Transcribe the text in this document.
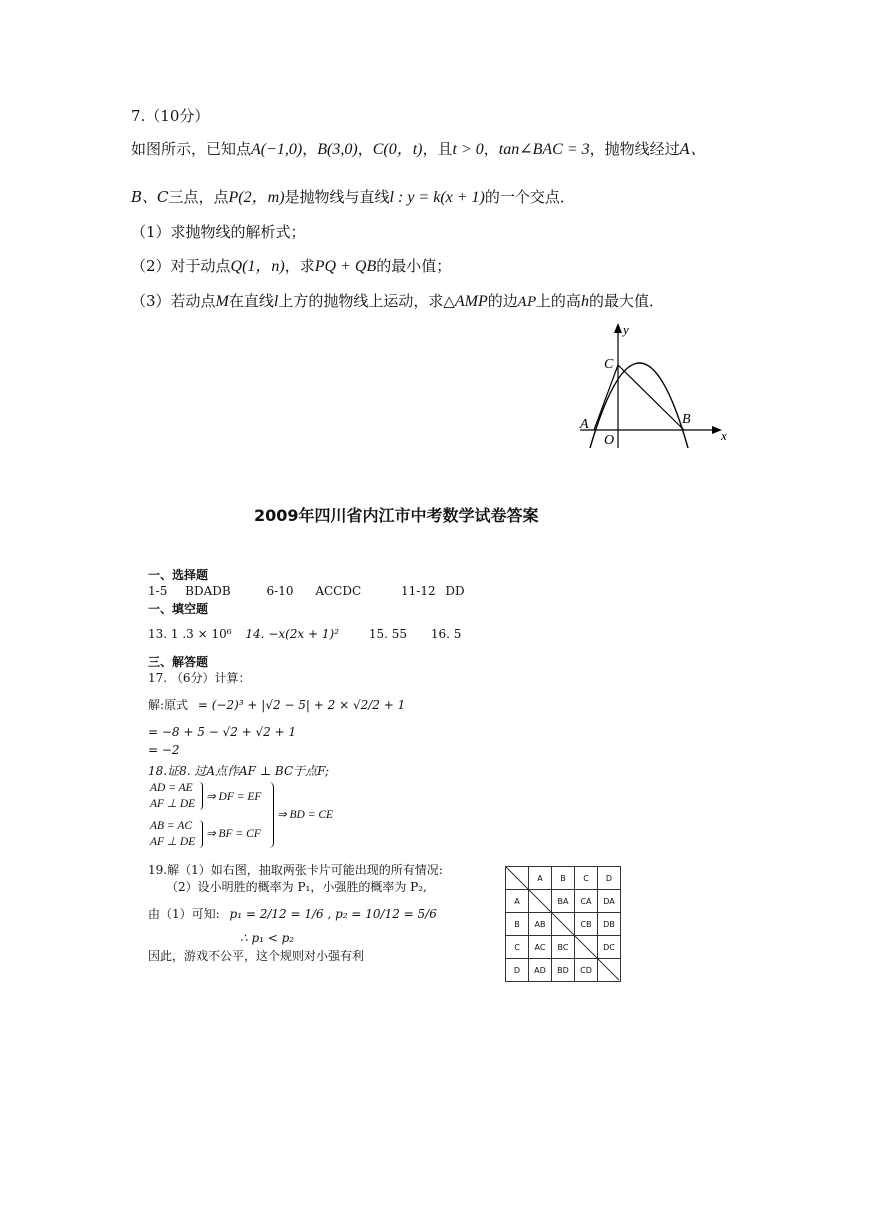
7.（10分）
如图所示，已知点A(−1,0)，B(3,0)，C(0，t)，且t > 0，tan∠BAC = 3，抛物线经过A、
B、C三点，点P(2，m)是抛物线与直线l : y = k(x + 1)的一个交点．
（1）求抛物线的解析式；
（2）对于动点Q(1，n)，求PQ + QB的最小值；
（3）若动点M在直线l上方的抛物线上运动，求△AMP的边AP上的高h的最大值．
y
x
C
A
O
B
2009年四川省内江市中考数学试卷答案
一、选择题
1-5 BDADB	6-10 ACCDC	11-12 DD
一、填空题
13. 1 .3 × 10⁶ 14. −x(2x + 1)² 15. 55 16. 5
三、解答题
17. （6分）计算：
解:原式 = (−2)³ + |√2 − 5| + 2 × √2/2 + 1
= −8 + 5 − √2 + √2 + 1
= −2
18.证8. 过A点作AF ⊥ BC于点F;
AD = AE
AF ⊥ DE
⇒ DF = EF
AB = AC
AF ⊥ DE
⇒ BF = CF
⇒ BD = CE
19.解（1）如右图，抽取两张卡片可能出现的所有情况:
（2）设小明胜的概率为 P₁，小强胜的概率为 P₂,
由（1）可知: p₁ = 2/12 = 1/6 , p₂ = 10/12 = 5/6
∴ p₁ < p₂
因此，游戏不公平，这个规则对小强有利
	A	B	C	D
A		BA	CA	DA
B	AB		CB	DB
C	AC	BC		DC
D	AD	BD	CD	
